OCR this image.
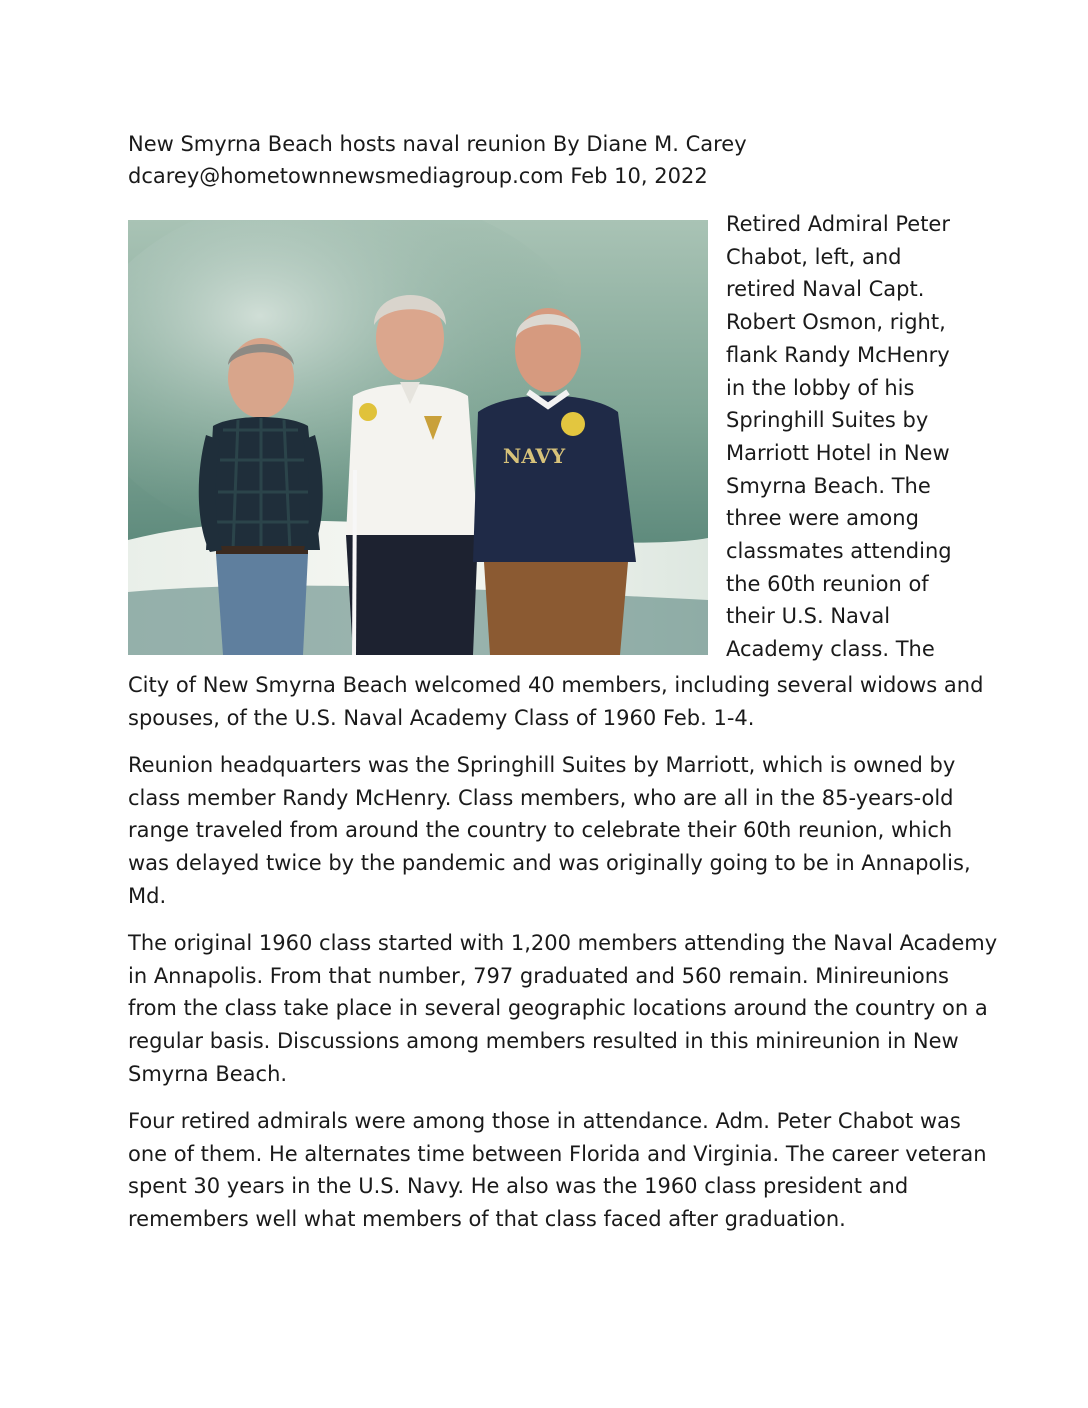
New Smyrna Beach hosts naval reunion By Diane M. Carey
dcarey@hometownnewsmediagroup.com Feb 10, 2022

NAVY

Retired Admiral Peter
Chabot, left, and
retired Naval Capt.
Robert Osmon, right,
flank Randy McHenry
in the lobby of his
Springhill Suites by
Marriott Hotel in New
Smyrna Beach. The
three were among
classmates attending
the 60th reunion of
their U.S. Naval
Academy class. The

City of New Smyrna Beach welcomed 40 members, including several widows and
spouses, of the U.S. Naval Academy Class of 1960 Feb. 1-4.

Reunion headquarters was the Springhill Suites by Marriott, which is owned by
class member Randy McHenry. Class members, who are all in the 85-years-old
range traveled from around the country to celebrate their 60th reunion, which
was delayed twice by the pandemic and was originally going to be in Annapolis,
Md.

The original 1960 class started with 1,200 members attending the Naval Academy
in Annapolis. From that number, 797 graduated and 560 remain. Minireunions
from the class take place in several geographic locations around the country on a
regular basis. Discussions among members resulted in this minireunion in New
Smyrna Beach.

Four retired admirals were among those in attendance. Adm. Peter Chabot was
one of them. He alternates time between Florida and Virginia. The career veteran
spent 30 years in the U.S. Navy. He also was the 1960 class president and
remembers well what members of that class faced after graduation.
